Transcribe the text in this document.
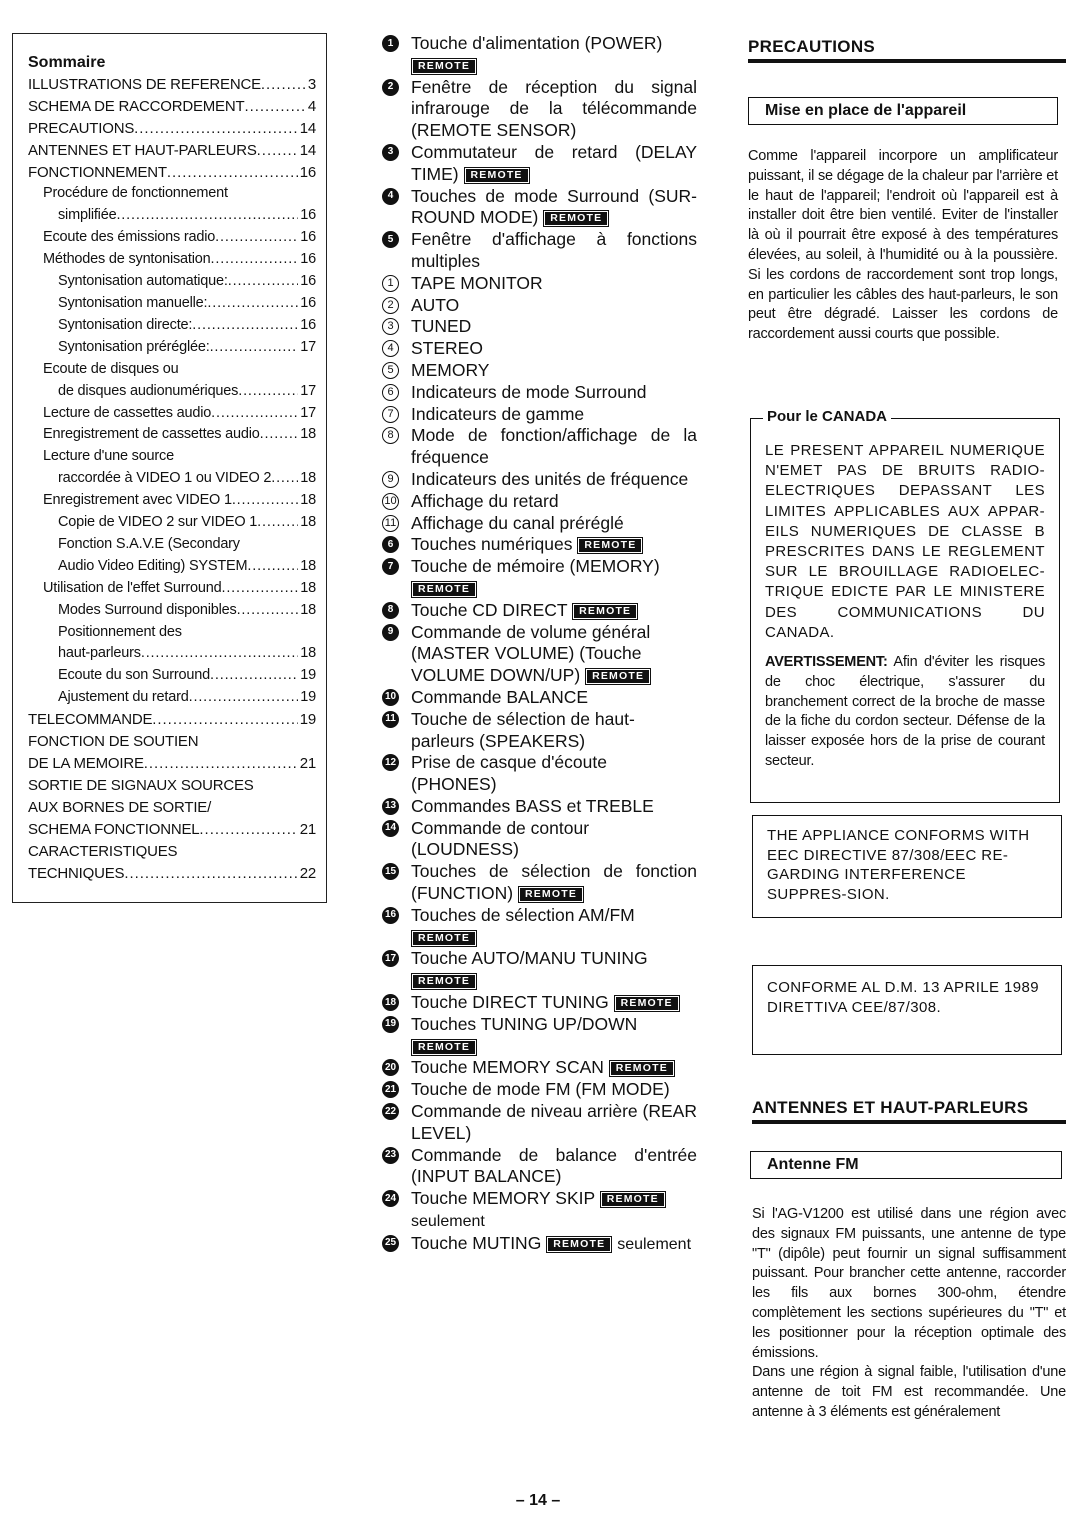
Sommaire
ILLUSTRATIONS DE REFERENCE . . .	3
SCHEMA DE RACCORDEMENT . . .	4
PRECAUTIONS . . .	14
ANTENNES ET HAUT-PARLEURS . . .	14
FONCTIONNEMENT . . .	16
Procédure de fonctionnement
simplifiée . . .	16
Ecoute des émissions radio . . .	16
Méthodes de syntonisation . . .	16
Syntonisation automatique: . . .	16
Syntonisation manuelle: . . .	16
Syntonisation directe: . . .	16
Syntonisation préréglée: . . .	17
Ecoute de disques ou
de disques audionumériques . . .	17
Lecture de cassettes audio . . .	17
Enregistrement de cassettes audio . . .	18
Lecture d'une source
raccordée à VIDEO 1 ou VIDEO 2 . . . 18
Enregistrement avec VIDEO 1 . . .	18
Copie de VIDEO 2 sur VIDEO 1 . . .	18
Fonction S.A.V.E (Secondary
Audio Video Editing) SYSTEM . . .	18
Utilisation de l'effet Surround . . .	18
Modes Surround disponibles . . .	18
Positionnement des
haut-parleurs . . .	18
Ecoute du son Surround . . .	19
Ajustement du retard . . .	19
TELECOMMANDE . . .	19
FONCTION DE SOUTIEN
DE LA MEMOIRE . . .	21
SORTIE DE SIGNAUX SOURCES
AUX BORNES DE SORTIE/
SCHEMA FONCTIONNEL . . .	21
CARACTERISTIQUES
TECHNIQUES . . .	22
1	Touche d'alimentation (POWER)
REMOTE
2	Fenêtre de réception du signal infrarouge de la télécommande (REMOTE SENSOR)
3	Commutateur de retard (DELAY TIME) REMOTE
4	Touches de mode Surround (SUR-ROUND MODE) REMOTE
5	Fenêtre d'affichage à fonctions multiples
1 TAPE MONITOR
2 AUTO
3 TUNED
4 STEREO
5 MEMORY
6 Indicateurs de mode Surround
7 Indicateurs de gamme
8 Mode de fonction/affichage de la fréquence
9 Indicateurs des unités de fréquence
10 Affichage du retard
11 Affichage du canal préréglé
6	Touches numériques REMOTE
7	Touche de mémoire (MEMORY)
REMOTE
8	Touche CD DIRECT REMOTE
9	Commande de volume général (MASTER VOLUME) (Touche VOLUME DOWN/UP) REMOTE
10 Commande BALANCE
11 Touche de sélection de haut-parleurs (SPEAKERS)
12 Prise de casque d'écoute (PHONES)
13 Commandes BASS et TREBLE
14 Commande de contour (LOUDNESS)
15 Touches de sélection de fonction (FUNCTION) REMOTE
16 Touches de sélection AM/FM
REMOTE
17 Touche AUTO/MANU TUNING
REMOTE
18 Touche DIRECT TUNING REMOTE
19 Touches TUNING UP/DOWN
REMOTE
20 Touche MEMORY SCAN REMOTE
21 Touche de mode FM (FM MODE)
22 Commande de niveau arrière (REAR LEVEL)
23 Commande de balance d'entrée (INPUT BALANCE)
24 Touche MEMORY SKIP REMOTE
seulement
25 Touche MUTING REMOTE seulement
PRECAUTIONS
Mise en place de l'appareil
Comme l'appareil incorpore un amplificateur puissant, il se dégage de la chaleur par l'arrière et le haut de l'appareil; l'endroit où l'appareil est à installer doit être bien ventilé. Eviter de l'installer là où il pourrait être exposé à des températures élevées, au soleil, à l'humidité ou à la poussière. Si les cordons de raccordement sont trop longs, en particulier les câbles des haut-parleurs, le son peut être dégradé. Laisser les cordons de raccordement aussi courts que possible.
Pour le CANADA
LE PRESENT APPAREIL NUMERIQUE N'EMET PAS DE BRUITS RADIO-ELECTRIQUES DEPASSANT LES LIMITES APPLICABLES AUX APPAR-EILS NUMERIQUES DE CLASSE B PRESCRITES DANS LE REGLEMENT SUR LE BROUILLAGE RADIOELEC-TRIQUE EDICTE PAR LE MINISTERE DES COMMUNICATIONS DU CANADA.
AVERTISSEMENT: Afin d'éviter les risques de choc électrique, s'assurer du branchement correct de la broche de masse de la fiche du cordon secteur. Défense de la laisser exposée hors de la prise de courant secteur.
THE APPLIANCE CONFORMS WITH EEC DIRECTIVE 87/308/EEC RE-GARDING INTERFERENCE SUPPRES-SION.
CONFORME AL D.M. 13 APRILE 1989 DIRETTIVA CEE/87/308.
ANTENNES ET HAUT-PARLEURS
Antenne FM
Si l'AG-V1200 est utilisé dans une région avec des signaux FM puissants, une antenne de type "T" (dipôle) peut fournir un signal suffisamment puissant. Pour brancher cette antenne, raccorder les fils aux bornes 300-ohm, étendre complètement les sections supérieures du "T" et les positionner pour la réception optimale des émissions.
Dans une région à signal faible, l'utilisation d'une antenne de toit FM est recommandée. Une antenne à 3 éléments est généralement
– 14 –
